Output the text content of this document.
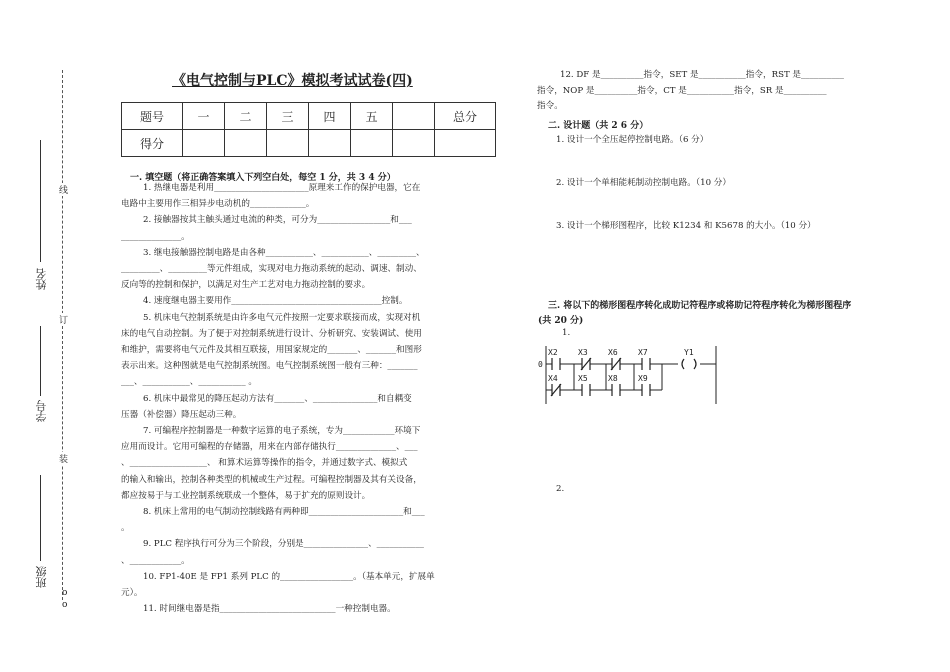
线
订
装
姓名
学号
班级
o
o
《电气控制与PLC》模拟考试试卷(四)
题号	一	二	三	四	五		总分
得分							
一. 填空题（将正确答案填入下列空白处，每空 1 分，共 3 4 分）
1. 热继电器是利用______________________原理来工作的保护电器，它在
电路中主要用作三相异步电动机的_____________。
2. 接触器按其主触头通过电流的种类，可分为_________________和___
______________。
3. 继电接触器控制电路是由各种___________、___________、_________、
_________、_________等元件组成，实现对电力拖动系统的起动、调速、制动、
反向等的控制和保护，以满足对生产工艺对电力拖动控制的要求。
4. 速度继电器主要用作___________________________________控制。
5. 机床电气控制系统是由许多电气元件按照一定要求联接而成，实现对机
床的电气自动控制。为了便于对控制系统进行设计、分析研究、安装调试、使用
和维护，需要将电气元件及其相互联接，用国家规定的_______、_______和图形
表示出来。这种图就是电气控制系统图。电气控制系统图一般有三种：_______
___、___________、___________ 。
6. 机床中最常见的降压起动方法有_______、_______________和自耦变
压器（补偿器）降压起动三种。
7. 可编程序控制器是一种数字运算的电子系统，专为____________环境下
应用而设计。它用可编程的存储器，用来在内部存储执行______________、___
、__________________、 和算术运算等操作的指令，并通过数字式、模拟式
的输入和输出，控制各种类型的机械或生产过程。可编程控制器及其有关设备，
都应按易于与工业控制系统联成一个整体，易于扩充的原则设计。
8. 机床上常用的电气制动控制线路有两种即______________________和___
。
9. PLC 程序执行可分为三个阶段，分别是_______________、___________
、____________。
10. FP1-40E 是 FP1 系列 PLC 的_________________。（基本单元，扩展单
元）。
11. 时间继电器是指___________________________一种控制电器。
12. DF 是__________指令，SET 是___________指令，RST 是__________
指令，NOP 是__________指令，CT 是___________指令，SR 是__________
指令。
二. 设计题（共 2 6 分）
1. 设计一个全压起停控制电路。（6 分）
2. 设计一个单相能耗制动控制电路。（10 分）
3. 设计一个梯形图程序，比较 K1234 和 K5678 的大小。（10 分）
三. 将以下的梯形图程序转化成助记符程序或将助记符程序转化为梯形图程序
(共 20 分)
1.
2.
0
X2	X3	X6	X7
X4	X5	X8	X9
Y1
